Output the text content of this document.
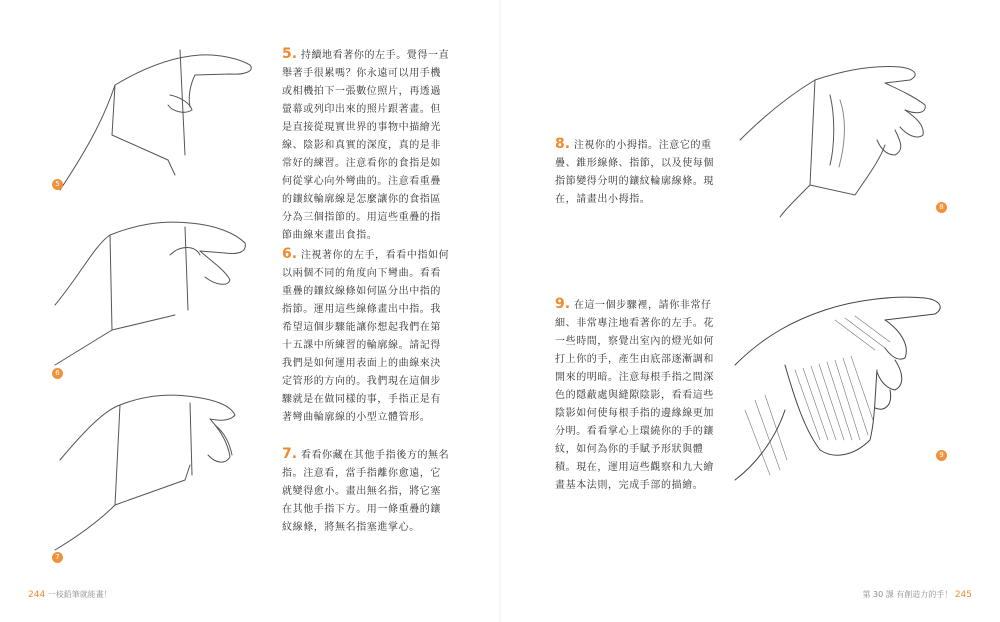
5
6
7
5. 持續地看著你的左手。覺得一直舉著手很累嗎？你永遠可以用手機或相機拍下一張數位照片，再透過螢幕或列印出來的照片跟著畫。但是直接從現實世界的事物中描繪光線、陰影和真實的深度，真的是非常好的練習。注意看你的食指是如何從掌心向外彎曲的。注意看重疊的鑲紋輪廓線是怎麼讓你的食指區分為三個指節的。用這些重疊的指節曲線來畫出食指。
6. 注視著你的左手，看看中指如何以兩個不同的角度向下彎曲。看看重疊的鑲紋線條如何區分出中指的指節。運用這些線條畫出中指。我希望這個步驟能讓你想起我們在第十五課中所練習的輪廓線。請記得我們是如何運用表面上的曲線來決定管形的方向的。我們現在這個步驟就是在做同樣的事，手指正是有著彎曲輪廓線的小型立體管形。
7. 看看你藏在其他手指後方的無名指。注意看，當手指離你愈遠，它就變得愈小。畫出無名指，將它塞在其他手指下方。用一條重疊的鑲紋線條，將無名指塞進掌心。
244 一枝鉛筆就能畫！
8
9
8. 注視你的小拇指。注意它的重疊、錐形線條、指節，以及使每個指節變得分明的鑲紋輪廓線條。現在，請畫出小拇指。
9. 在這一個步驟裡，請你非常仔細、非常專注地看著你的左手。花一些時間，察覺出室內的燈光如何打上你的手，產生由底部逐漸調和開來的明暗。注意每根手指之間深色的隱蔽處與縫隙陰影，看看這些陰影如何使每根手指的邊緣線更加分明。看看掌心上環繞你的手的鑲紋，如何為你的手賦予形狀與體積。現在，運用這些觀察和九大繪畫基本法則，完成手部的描繪。
第 30 課 有創造力的手！ 245
